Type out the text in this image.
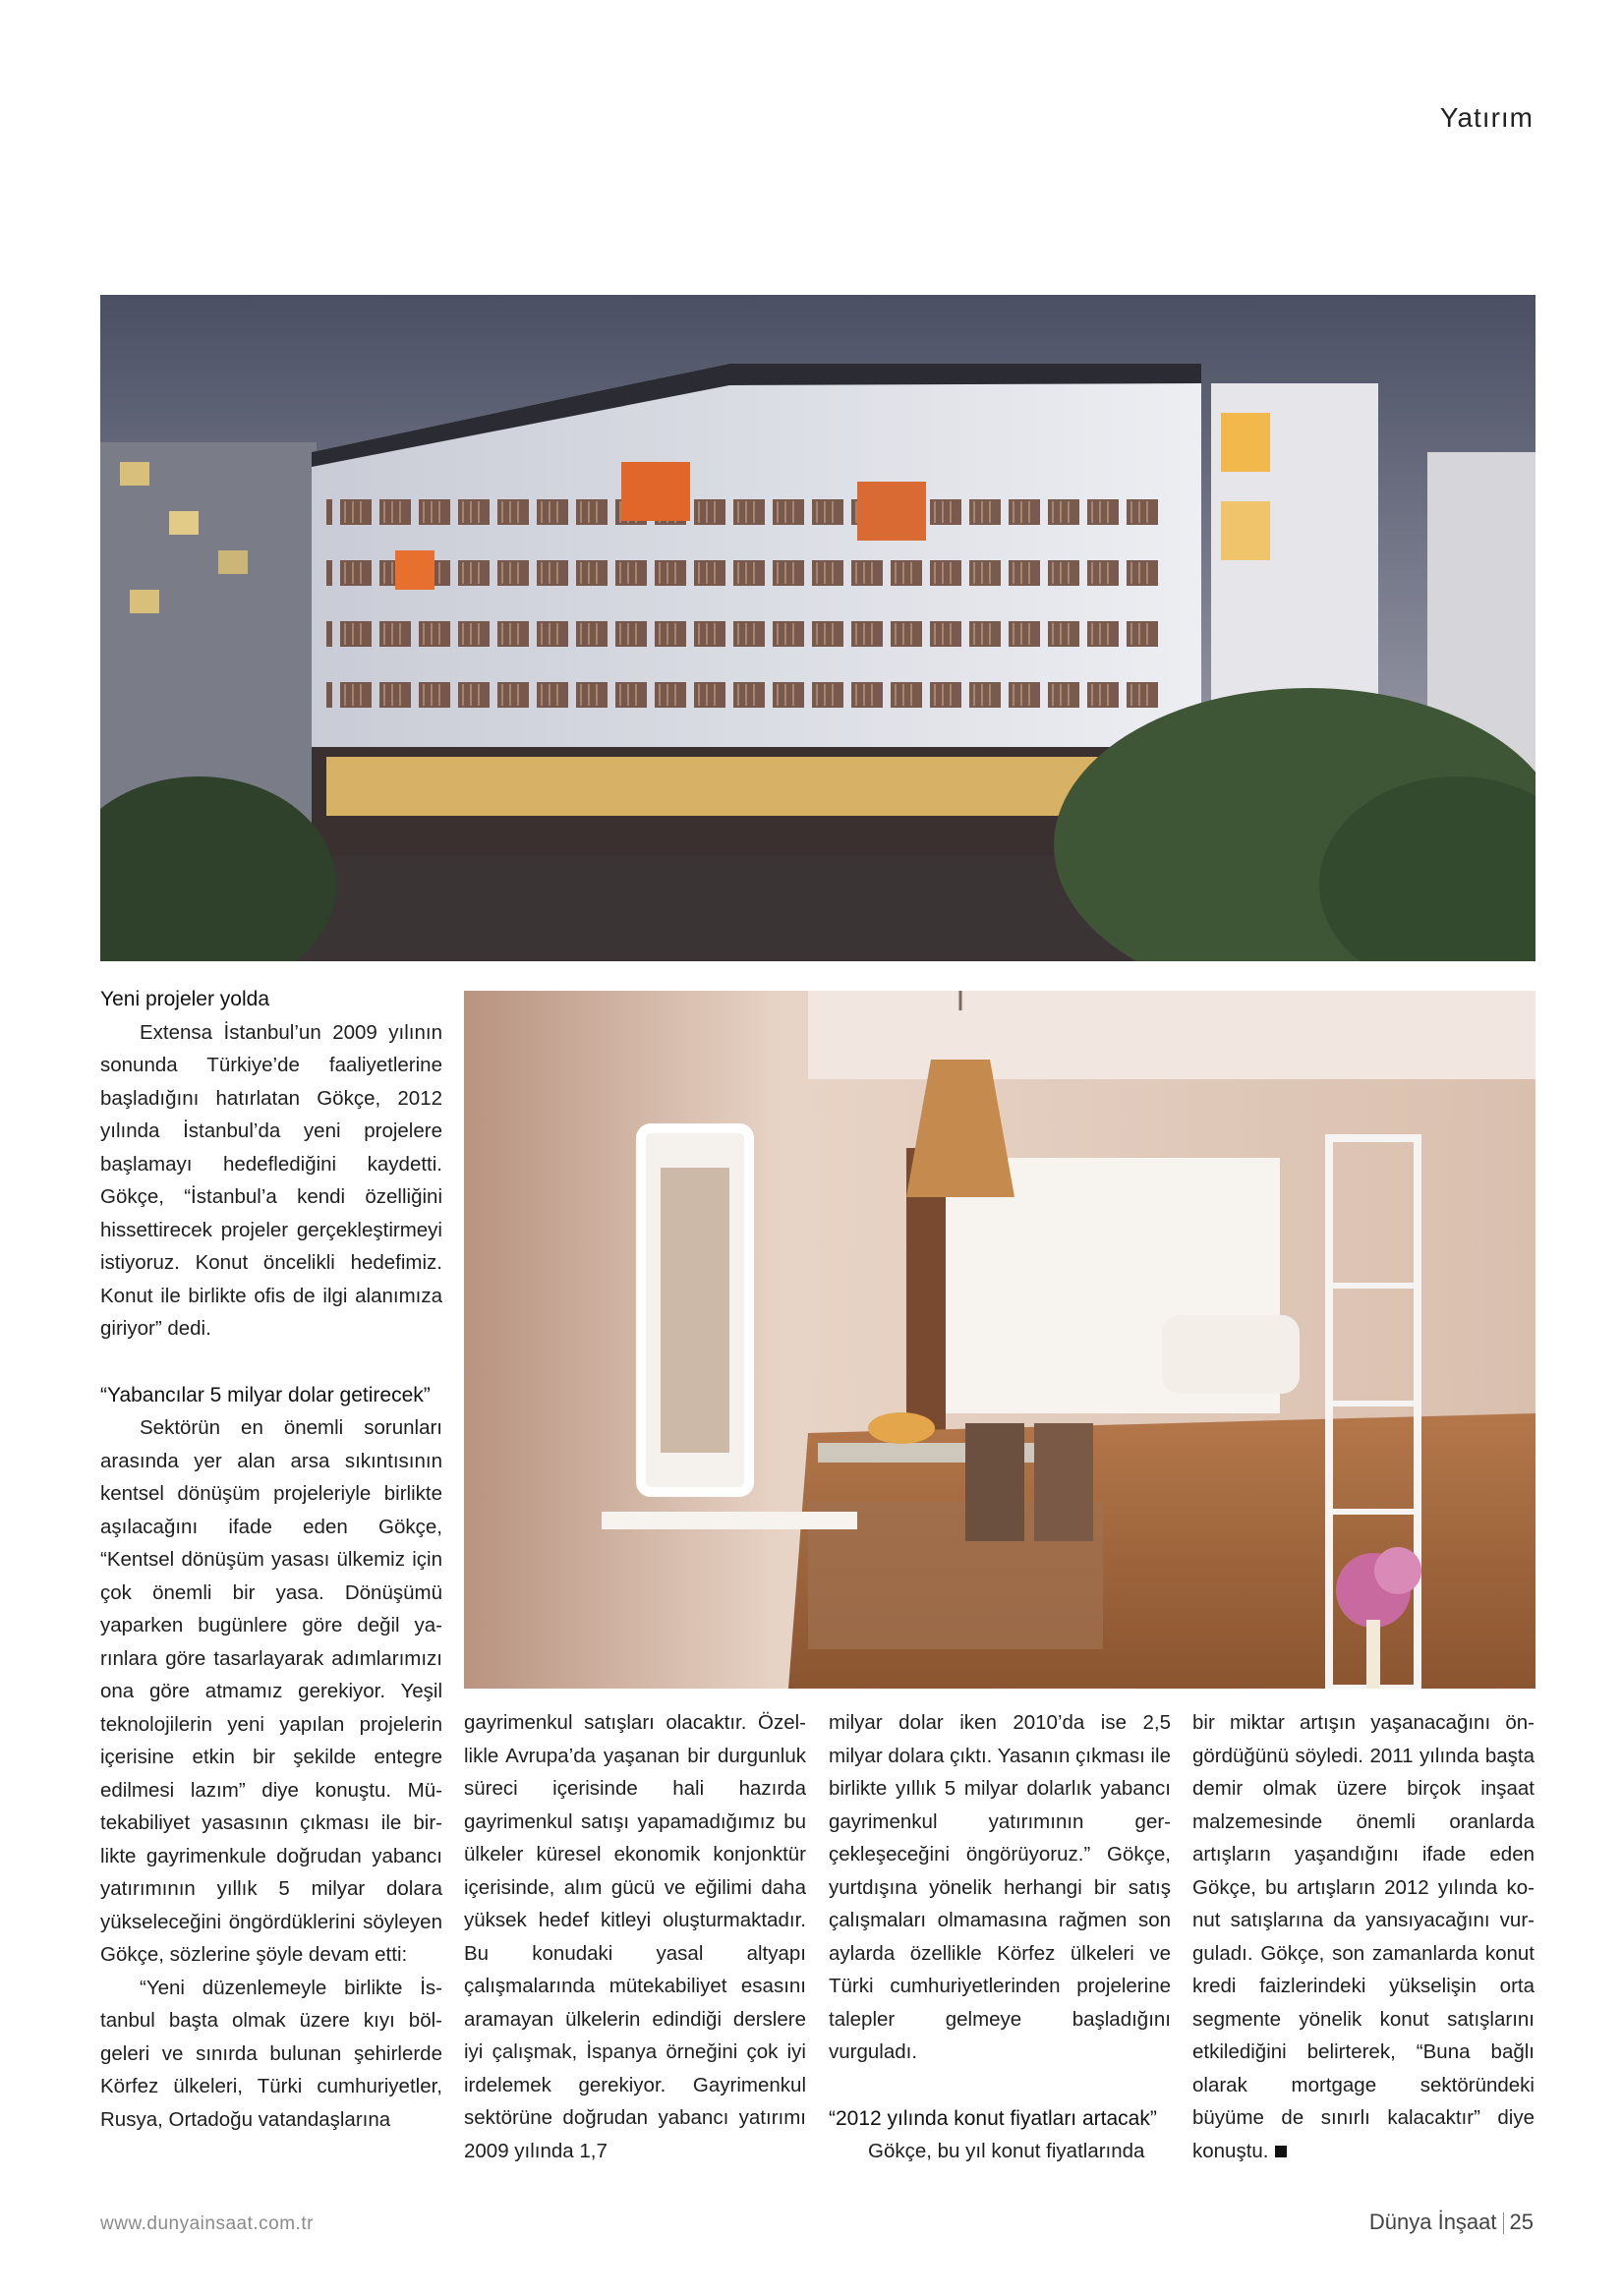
Yatırım
Yeni projeler yolda

Extensa İstanbul’un 2009 yılının sonunda Türkiye’de faaliyetlerine başladığını hatırlatan Gökçe, 2012 yılında İstanbul’da yeni projelere başlamayı hedeflediğini kaydetti. Gökçe, “İstanbul’a kendi özelliğini hissettirecek projeler gerçekleştirmeyi istiyoruz. Konut öncelikli hedefimiz. Konut ile birlikte ofis de ilgi alanımıza giriyor” dedi.

“Yabancılar 5 milyar dolar getirecek”

Sektörün en önemli sorunları arasında yer alan arsa sıkıntısının kentsel dönüşüm projeleriyle birlikte aşılacağını ifade eden Gökçe, “Kentsel dönüşüm yasası ülkemiz için çok önemli bir yasa. Dönüşümü yaparken bugünlere göre değil yarınlara göre tasarlayarak adımlarımızı ona göre atmamız gerekiyor. Yeşil teknolojilerin yeni yapılan projelerin içerisine etkin bir şekilde entegre edilmesi lazım” diye konuştu. Mütekabiliyet yasasının çıkması ile birlikte gayrimenkule doğrudan yabancı yatırımının yıllık 5 milyar dolara yükseleceğini öngördüklerini söyleyen Gökçe, sözlerine şöyle devam etti:

“Yeni düzenlemeyle birlikte İstanbul başta olmak üzere kıyı bölgeleri ve sınırda bulunan şehirlerde Körfez ülkeleri, Türki cumhuriyetler, Rusya, Ortadoğu vatandaşlarına

gayrimenkul satışları olacaktır. Özellikle Avrupa’da yaşanan bir durgunluk süreci içerisinde hali hazırda gayrimenkul satışı yapamadığımız bu ülkeler küresel ekonomik konjonktür içerisinde, alım gücü ve eğilimi daha yüksek hedef kitleyi oluşturmaktadır. Bu konudaki yasal altyapı çalışmalarında mütekabiliyet esasını aramayan ülkelerin edindiği derslere iyi çalışmak, İspanya örneğini çok iyi irdelemek gerekiyor. Gayrimenkul sektörüne doğrudan yabancı yatırımı 2009 yılında 1,7

milyar dolar iken 2010’da ise 2,5 milyar dolara çıktı. Yasanın çıkması ile birlikte yıllık 5 milyar dolarlık yabancı gayrimenkul yatırımının gerçekleşeceğini öngörüyoruz.” Gökçe, yurtdışına yönelik herhangi bir satış çalışmaları olmamasına rağmen son aylarda özellikle Körfez ülkeleri ve Türki cumhuriyetlerinden projelerine talepler gelmeye başladığını vurguladı.

“2012 yılında konut fiyatları artacak”

Gökçe, bu yıl konut fiyatlarında

bir miktar artışın yaşanacağını öngördüğünü söyledi. 2011 yılında başta demir olmak üzere birçok inşaat malzemesinde önemli oranlarda artışların yaşandığını ifade eden Gökçe, bu artışların 2012 yılında konut satışlarına da yansıyacağını vurguladı. Gökçe, son zamanlarda konut kredi faizlerindeki yükselişin orta segmente yönelik konut satışlarını etkilediğini belirterek, “Buna bağlı olarak mortgage sektöründeki büyüme de sınırlı kalacaktır” diye konuştu.

www.dunyainsaat.com.tr	Dünya İnşaat 25
